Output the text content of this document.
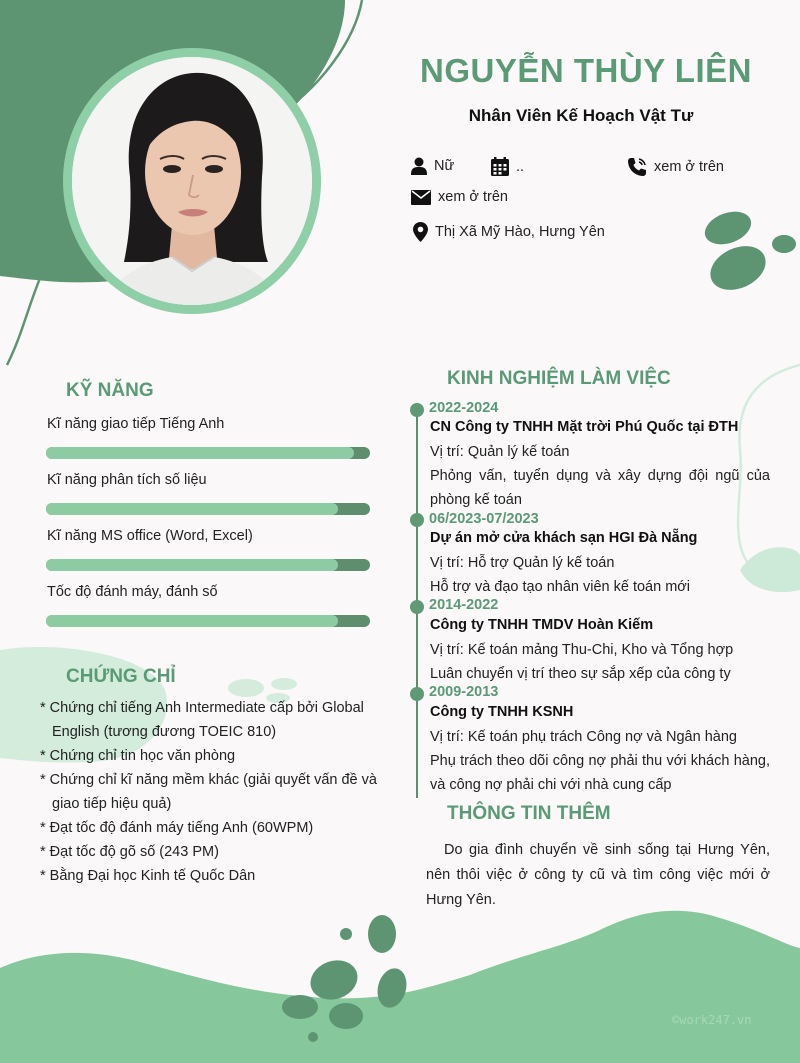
NGUYỄN THÙY LIÊN
Nhân Viên Kế Hoạch Vật Tư
Nữ	..	xem ở trên
xem ở trên
Thị Xã Mỹ Hào, Hưng Yên
KỸ NĂNG
Kĩ năng giao tiếp Tiếng Anh
Kĩ năng phân tích số liệu
Kĩ năng MS office (Word, Excel)
Tốc độ đánh máy, đánh số
CHỨNG CHỈ
* Chứng chỉ tiếng Anh Intermediate cấp bởi Global English (tương đương TOEIC 810)
* Chứng chỉ tin học văn phòng
* Chứng chỉ kĩ năng mềm khác (giải quyết vấn đề và giao tiếp hiệu quả)
* Đạt tốc độ đánh máy tiếng Anh (60WPM)
* Đạt tốc độ gõ số (243 PM)
* Bằng Đại học Kinh tế Quốc Dân
KINH NGHIỆM LÀM VIỆC
2022-2024
CN Công ty TNHH Mặt trời Phú Quốc tại ĐTH
Vị trí: Quản lý kế toán
Phỏng vấn, tuyển dụng và xây dựng đội ngũ của phòng kế toán
06/2023-07/2023
Dự án mở cửa khách sạn HGI Đà Nẵng
Vị trí: Hỗ trợ Quản lý kế toán
Hỗ trợ và đạo tạo nhân viên kế toán mới
2014-2022
Công ty TNHH TMDV Hoàn Kiếm
Vị trí: Kế toán mảng Thu-Chi, Kho và Tổng hợp
Luân chuyển vị trí theo sự sắp xếp của công ty
2009-2013
Công ty TNHH KSNH
Vị trí: Kế toán phụ trách Công nợ và Ngân hàng
Phụ trách theo dõi công nợ phải thu với khách hàng, và công nợ phải chi với nhà cung cấp
THÔNG TIN THÊM
Do gia đình chuyển về sinh sống tại Hưng Yên, nên thôi việc ở công ty cũ và tìm công việc mới ở Hưng Yên.
©work247.vn
